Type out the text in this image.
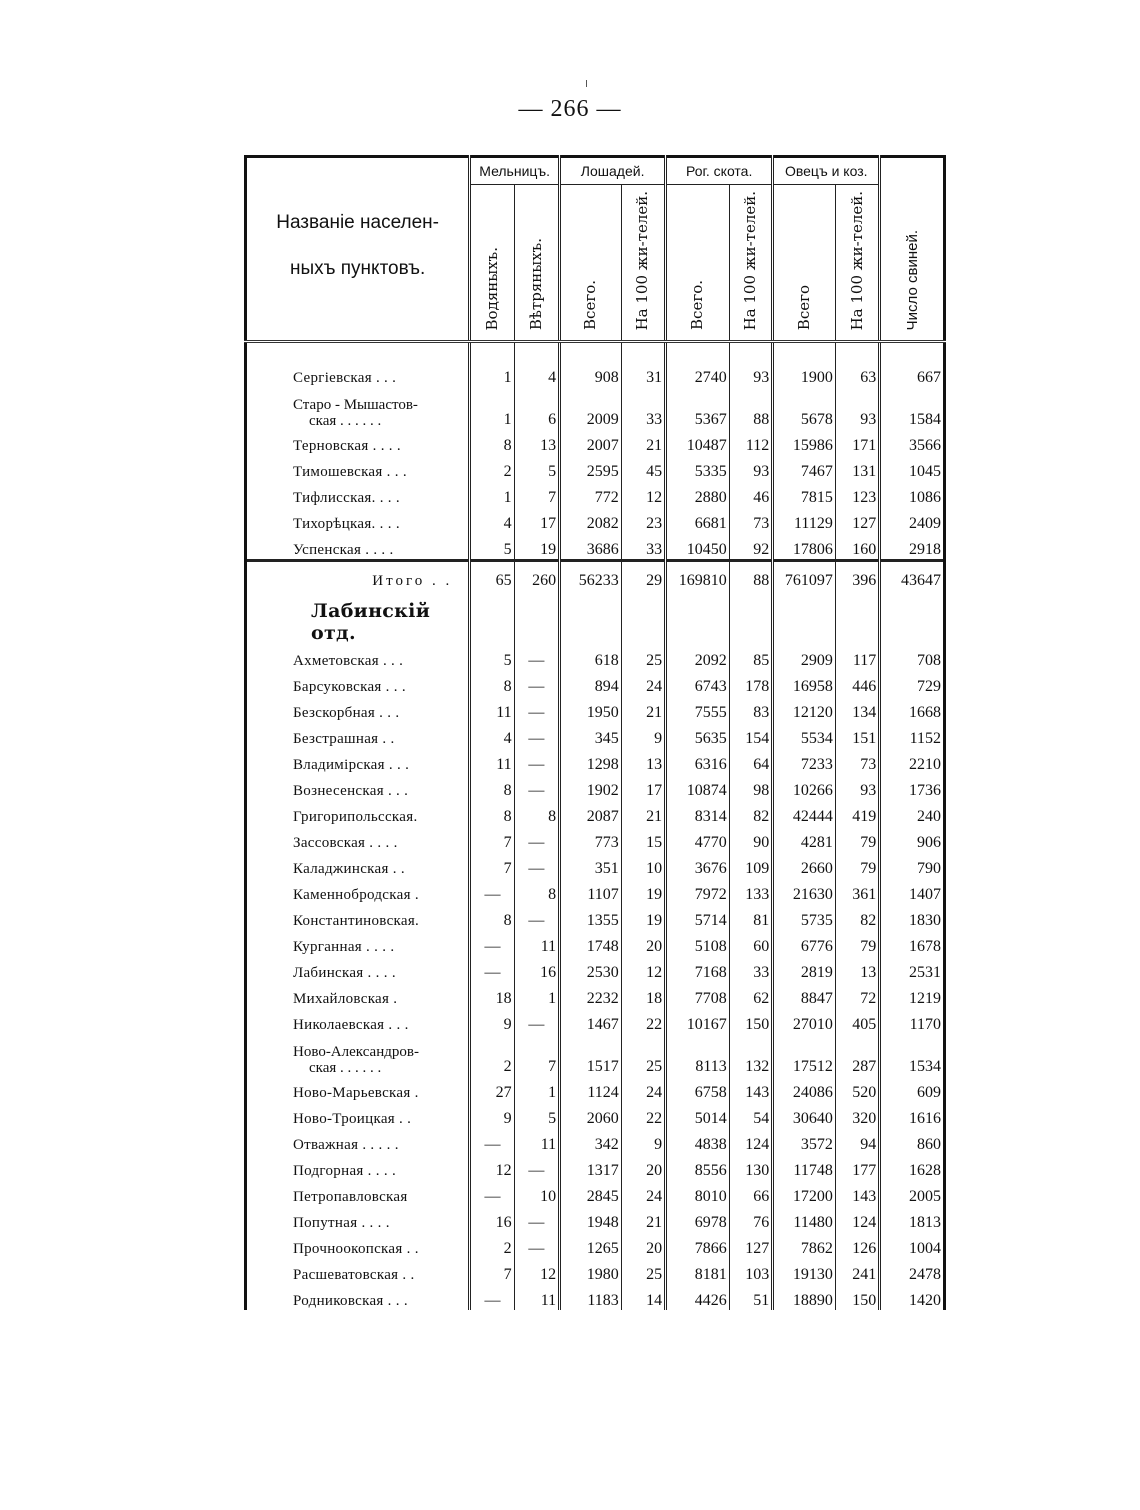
— 266 —
Названіе населен-
ныхъ пунктовъ.	Мельницъ.		Лошадей.		Рог. скота.		Овецъ и коз.		Число свиней.
	Водяныхъ.	Вѣтряныхъ.	Всего.	На 100 жи-телей.	Всего.	На 100 жи-телей.	Всего	На 100 жи-телей.	

Сергіевская . . .	1	4	908	31	2740	93	1900	63	667
Старо - Мышастов-
ская . . . . . .	1	6	2009	33	5367	88	5678	93	1584
Терновская . . . .	8	13	2007	21	10487	112	15986	171	3566
Тимошевская . . .	2	5	2595	45	5335	93	7467	131	1045
Тифлисская. . . .	1	7	772	12	2880	46	7815	123	1086
Тихорѣцкая. . . .	4	17	2082	23	6681	73	11129	127	2409
Успенская . . . .	5	19	3686	33	10450	92	17806	160	2918
Итого . .	65	260	56233	29	169810	88	761097	396	43647
Лабинскій отд.									
Ахметовская . . .	5	—	618	25	2092	85	2909	117	708
Барсуковская . . .	8	—	894	24	6743	178	16958	446	729
Безскорбная . . .	11	—	1950	21	7555	83	12120	134	1668
Безстрашная . .	4	—	345	9	5635	154	5534	151	1152
Владимірская . . .	11	—	1298	13	6316	64	7233	73	2210
Вознесенская . . .	8	—	1902	17	10874	98	10266	93	1736
Григорипольсская.	8	8	2087	21	8314	82	42444	419	240
Зассовская . . . .	7	—	773	15	4770	90	4281	79	906
Каладжинская . .	7	—	351	10	3676	109	2660	79	790
Каменнобродская .	—	8	1107	19	7972	133	21630	361	1407
Константиновская.	8	—	1355	19	5714	81	5735	82	1830
Курганная . . . .	—	11	1748	20	5108	60	6776	79	1678
Лабинская . . . .	—	16	2530	12	7168	33	2819	13	2531
Михайловская .	18	1	2232	18	7708	62	8847	72	1219
Николаевская . . .	9	—	1467	22	10167	150	27010	405	1170
Ново-Александров-
ская . . . . . .	2	7	1517	25	8113	132	17512	287	1534
Ново-Марьевская .	27	1	1124	24	6758	143	24086	520	609
Ново-Троицкая . .	9	5	2060	22	5014	54	30640	320	1616
Отважная . . . . .	—	11	342	9	4838	124	3572	94	860
Подгорная . . . .	12	—	1317	20	8556	130	11748	177	1628
Петропавловская	—	10	2845	24	8010	66	17200	143	2005
Попутная . . . .	16	—	1948	21	6978	76	11480	124	1813
Прочноокопская . .	2	—	1265	20	7866	127	7862	126	1004
Расшеватовская . .	7	12	1980	25	8181	103	19130	241	2478
Родниковская . . .	—	11	1183	14	4426	51	18890	150	1420
